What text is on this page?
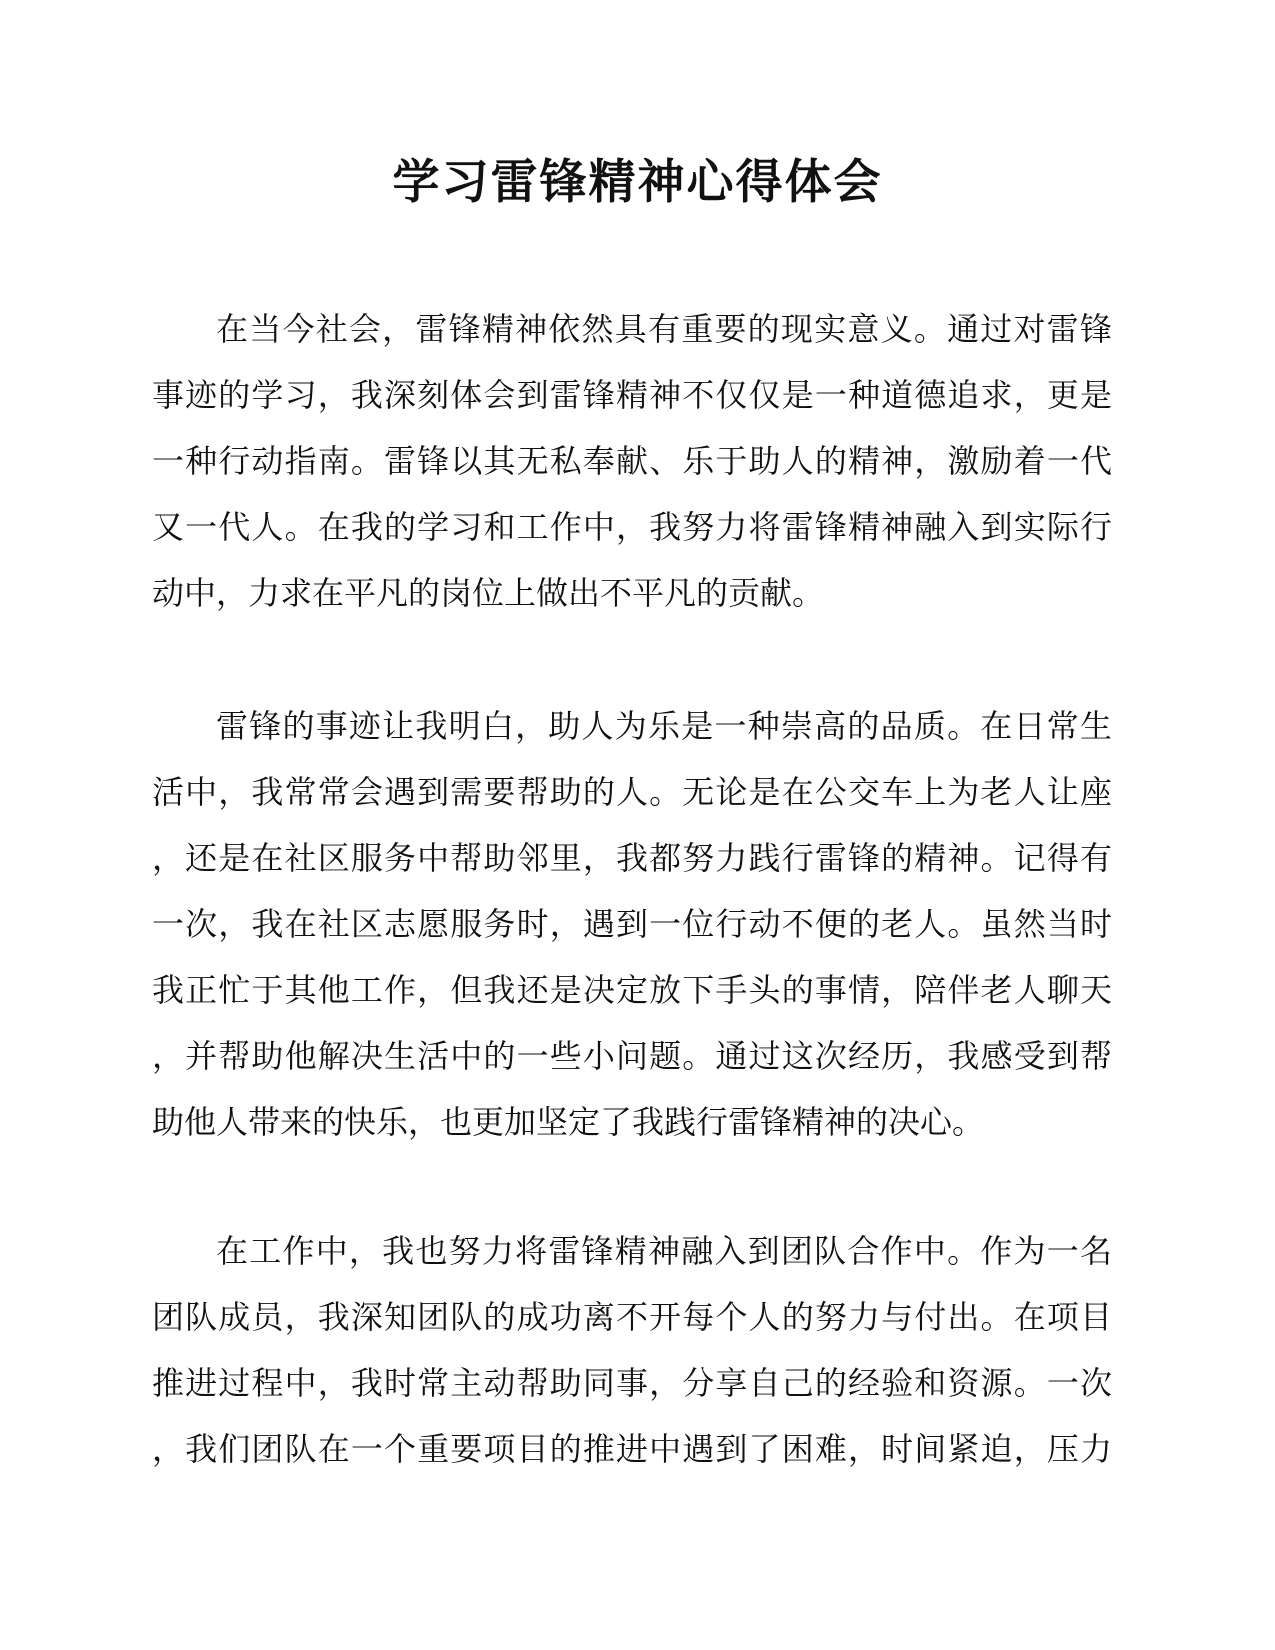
学习雷锋精神心得体会
在当今社会，雷锋精神依然具有重要的现实意义。通过对雷锋
事迹的学习，我深刻体会到雷锋精神不仅仅是一种道德追求，更是
一种行动指南。雷锋以其无私奉献、乐于助人的精神，激励着一代
又一代人。在我的学习和工作中，我努力将雷锋精神融入到实际行
动中，力求在平凡的岗位上做出不平凡的贡献。
雷锋的事迹让我明白，助人为乐是一种崇高的品质。在日常生
活中，我常常会遇到需要帮助的人。无论是在公交车上为老人让座
，还是在社区服务中帮助邻里，我都努力践行雷锋的精神。记得有
一次，我在社区志愿服务时，遇到一位行动不便的老人。虽然当时
我正忙于其他工作，但我还是决定放下手头的事情，陪伴老人聊天
，并帮助他解决生活中的一些小问题。通过这次经历，我感受到帮
助他人带来的快乐，也更加坚定了我践行雷锋精神的决心。
在工作中，我也努力将雷锋精神融入到团队合作中。作为一名
团队成员，我深知团队的成功离不开每个人的努力与付出。在项目
推进过程中，我时常主动帮助同事，分享自己的经验和资源。一次
，我们团队在一个重要项目的推进中遇到了困难，时间紧迫，压力
